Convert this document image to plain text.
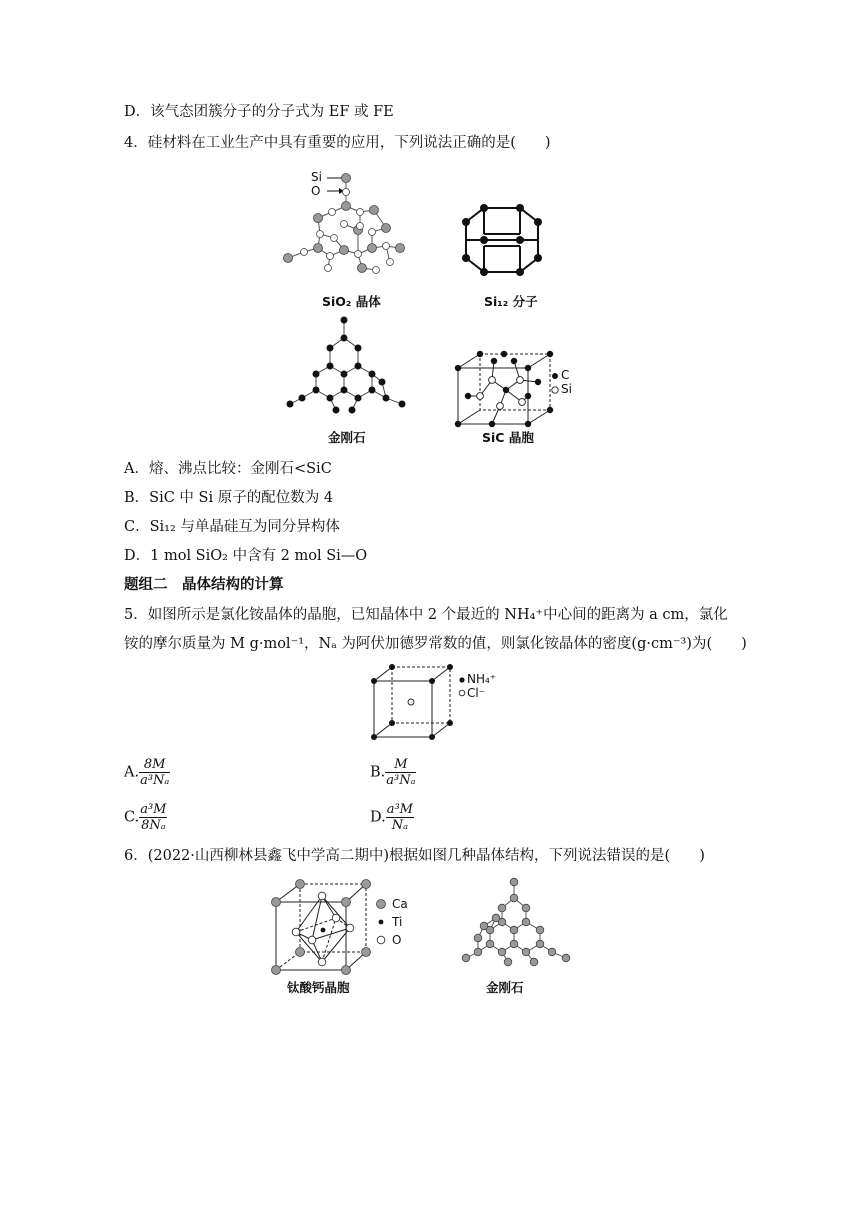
D．该气态团簇分子的分子式为 EF 或 FE
4．硅材料在工业生产中具有重要的应用，下列说法正确的是(　　)
Si
O
SiO₂ 晶体	Si₁₂ 分子
金刚石
C
Si
SiC 晶胞
A．熔、沸点比较：金刚石<SiC
B．SiC 中 Si 原子的配位数为 4
C．Si₁₂ 与单晶硅互为同分异构体
D．1 mol SiO₂ 中含有 2 mol Si—O
题组二　晶体结构的计算
5．如图所示是氯化铵晶体的晶胞，已知晶体中 2 个最近的 NH₄⁺中心间的距离为 a cm，氯化
铵的摩尔质量为 M g·mol⁻¹，Nₐ 为阿伏加德罗常数的值，则氯化铵晶体的密度(g·cm⁻³)为(　　)
NH₄⁺
Cl⁻
A. $\frac{8M}{\text{a³Nₐ}}$	B. $\frac{M}{\text{a³Nₐ}}$
C. $\frac{\text{a³M}}{\text{8Nₐ}}$	D. $\frac{\text{a³M}}{\text{Nₐ}}$
6．(2022·山西柳林县鑫飞中学高二期中)根据如图几种晶体结构，下列说法错误的是(　　)
Ca
Ti
O
钛酸钙晶胞	金刚石
